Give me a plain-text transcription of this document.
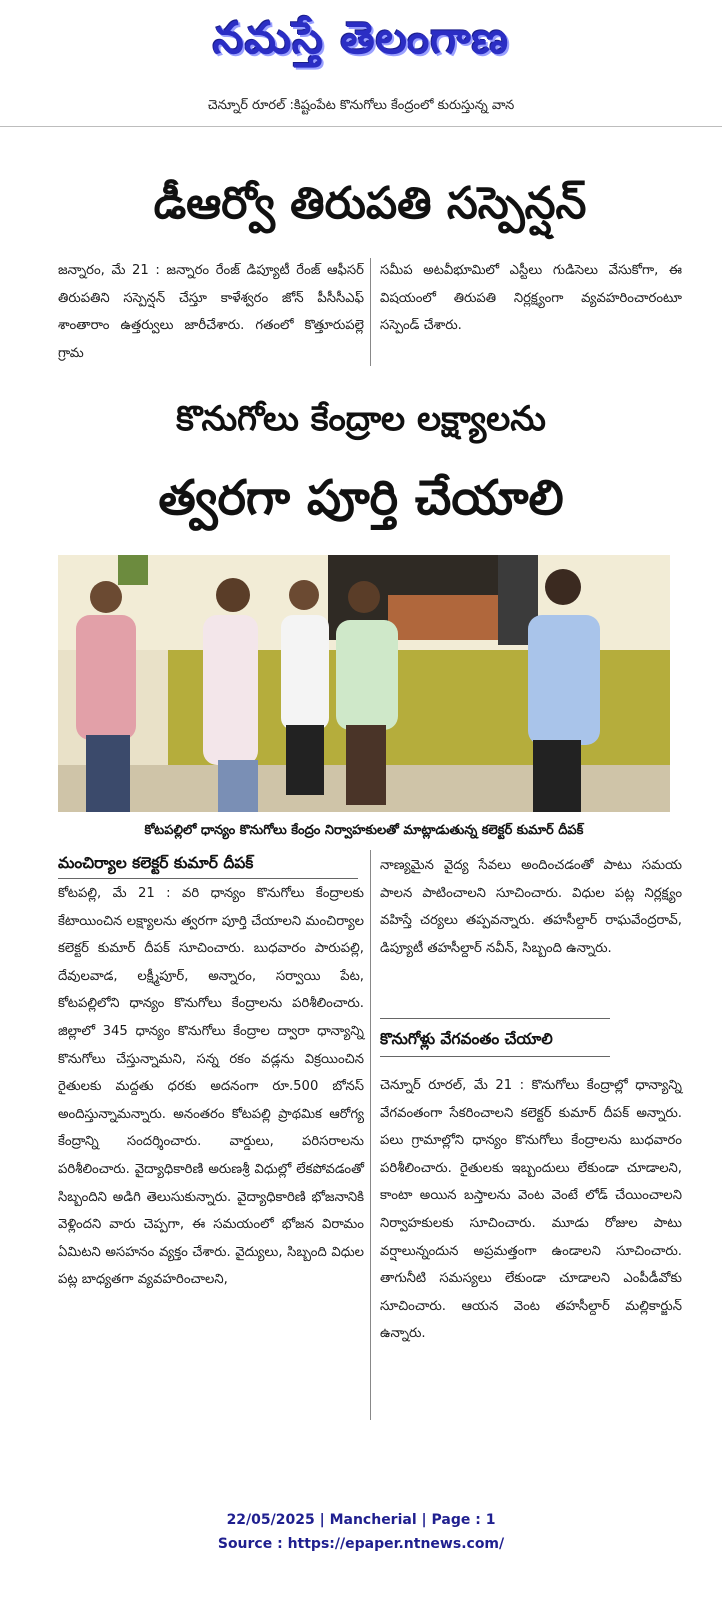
నమస్తే తెలంగాణ
చెన్నూర్ రూరల్ :కిష్టంపేట కొనుగోలు కేంద్రంలో కురుస్తున్న వాన
డీఆర్వో తిరుపతి సస్పెన్షన్

జన్నారం, మే 21 : జన్నారం రేంజ్ డిప్యూటీ రేంజ్ ఆఫీసర్ తిరుపతిని సస్పెన్షన్ చేస్తూ కాళేశ్వరం జోన్ పీసీసీఎఫ్ శాంతారాం ఉత్తర్వులు జారీచేశారు. గతంలో కొత్తూరుపల్లె గ్రామ

సమీప అటవీభూమిలో ఎస్టీలు గుడిసెలు వేసుకోగా, ఈ విషయంలో తిరుపతి నిర్లక్ష్యంగా వ్యవహరించారంటూ సస్పెండ్ చేశారు.

కొనుగోలు కేంద్రాల లక్ష్యాలను
త్వరగా పూర్తి చేయాలి
కోటపల్లిలో ధాన్యం కొనుగోలు కేంద్రం నిర్వాహకులతో మాట్లాడుతున్న కలెక్టర్ కుమార్ దీపక్
మంచిర్యాల కలెక్టర్ కుమార్ దీపక్

కోటపల్లి, మే 21 : వరి ధాన్యం కొనుగోలు కేంద్రాలకు కేటాయించిన లక్ష్యాలను త్వరగా పూర్తి చేయాలని మంచిర్యాల కలెక్టర్ కుమార్ దీపక్ సూచించారు. బుధవారం పారుపల్లి, దేవులవాడ, లక్ష్మీపూర్, అన్నారం, సర్వాయి పేట, కోటపల్లిలోని ధాన్యం కొనుగోలు కేంద్రాలను పరిశీలించారు. జిల్లాలో 345 ధాన్యం కొనుగోలు కేంద్రాల ద్వారా ధాన్యాన్ని కొనుగోలు చేస్తున్నామని, సన్న రకం వడ్లను విక్రయించిన రైతులకు మద్దతు ధరకు అదనంగా రూ.500 బోనస్ అందిస్తున్నామన్నారు. అనంతరం కోటపల్లి ప్రాథమిక ఆరోగ్య కేంద్రాన్ని సందర్శించారు. వార్డులు, పరిసరాలను పరిశీలించారు. వైద్యాధికారిణి అరుణశ్రీ విధుల్లో లేకపోవడంతో సిబ్బందిని అడిగి తెలుసుకున్నారు. వైద్యాధికారిణి భోజనానికి వెళ్లిందని వారు చెప్పగా, ఈ సమయంలో భోజన విరామం ఏమిటని అసహనం వ్యక్తం చేశారు. వైద్యులు, సిబ్బంది విధుల పట్ల బాధ్యతగా వ్యవహరించాలని,

నాణ్యమైన వైద్య సేవలు అందించడంతో పాటు సమయ పాలన పాటించాలని సూచించారు. విధుల పట్ల నిర్లక్ష్యం వహిస్తే చర్యలు తప్పవన్నారు. తహసీల్దార్ రాఘవేంద్రరావ్, డిప్యూటీ తహసీల్దార్ నవీన్, సిబ్బంది ఉన్నారు.

కొనుగోళ్లు వేగవంతం చేయాలి

చెన్నూర్ రూరల్, మే 21 : కొనుగోలు కేంద్రాల్లో ధాన్యాన్ని వేగవంతంగా సేకరించాలని కలెక్టర్ కుమార్ దీపక్ అన్నారు. పలు గ్రామాల్లోని ధాన్యం కొనుగోలు కేంద్రాలను బుధవారం పరిశీలించారు. రైతులకు ఇబ్బందులు లేకుండా చూడాలని, కాంటా అయిన బస్తాలను వెంట వెంటే లోడ్ చేయించాలని నిర్వాహకులకు సూచించారు. మూడు రోజుల పాటు వర్షాలున్నందున అప్రమత్తంగా ఉండాలని సూచించారు. తాగునీటి సమస్యలు లేకుండా చూడాలని ఎంపీడీవోకు సూచించారు. ఆయన వెంట తహసీల్దార్ మల్లికార్జున్ ఉన్నారు.

22/05/2025 | Mancherial | Page : 1
Source : https://epaper.ntnews.com/
